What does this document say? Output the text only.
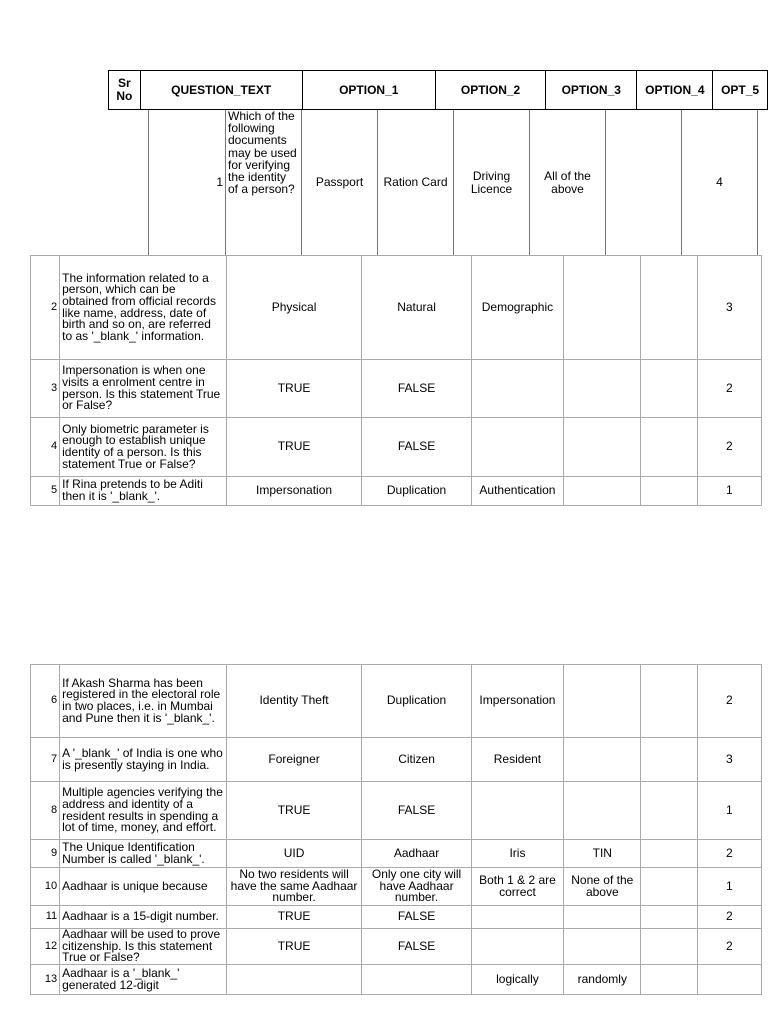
Sr No	QUESTION_TEXT	OPTION_1	OPTION_2	OPTION_3	OPTION_4	OPT_5
1	Which of the following documents may be used for verifying the identity of a person?	Passport	Ration Card	Driving Licence	All of the above		4
2	The information related to a person, which can be obtained from official records like name, address, date of birth and so on, are referred to as '_blank_' information.	Physical	Natural	Demographic			3
3	Impersonation is when one visits a enrolment centre in person. Is this statement True or False?	TRUE	FALSE				2
4	Only biometric parameter is enough to establish unique identity of a person. Is this statement True or False?	TRUE	FALSE				2
5	If Rina pretends to be Aditi then it is '_blank_'.	Impersonation	Duplication	Authentication			1
6	If Akash Sharma has been registered in the electoral role in two places, i.e. in Mumbai and Pune then it is '_blank_'.	Identity Theft	Duplication	Impersonation			2
7	A '_blank_' of India is one who is presently staying in India.	Foreigner	Citizen	Resident			3
8	Multiple agencies verifying the address and identity of a resident results in spending a lot of time, money, and effort.	TRUE	FALSE				1
9	The Unique Identification Number is called '_blank_'.	UID	Aadhaar	Iris	TIN		2
10	Aadhaar is unique because	No two residents will have the same Aadhaar number.	Only one city will have Aadhaar number.	Both 1 & 2 are correct	None of the above		1
11	Aadhaar is a 15-digit number.	TRUE	FALSE				2
12	Aadhaar will be used to prove citizenship. Is this statement True or False?	TRUE	FALSE				2
13	Aadhaar is a '_blank_' generated 12-digit			logically	randomly		
